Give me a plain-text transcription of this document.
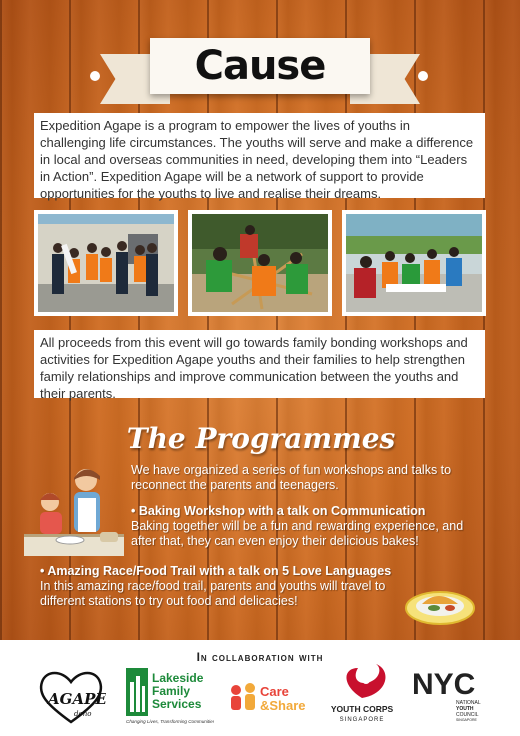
Cause
Expedition Agape is a program to empower the lives of youths in challenging life circumstances. The youths will serve and make a difference in local and overseas communities in need, developing them into “Leaders in Action”. Expedition Agape will be a network of support to provide opportunities for the youths to live and realise their dreams.
All proceeds from this event will go towards family bonding workshops and activities for Expedition Agape youths and their families to help strengthen family relationships and improve communication between the youths and their parents.
The Programmes
We have organized a series of fun workshops and talks to reconnect the parents and teenagers.
• Baking Workshop with a talk on Communication
Baking together will be a fun and rewarding experience, and after that, they can even enjoy their delicious bakes!
• Amazing Race/Food Trail with a talk on 5 Love Languages
In this amazing race/food trail, parents and youths will travel to different stations to try out food and delicacies!
In collaboration with
AGAPE
dono
Lakeside
Family
Services
Changing Lives, Transforming Communities
Care
&Share	YOUTH CORPS
SINGAPORE
NYC
NATIONAL
YOUTH
COUNCIL
SINGAPORE
